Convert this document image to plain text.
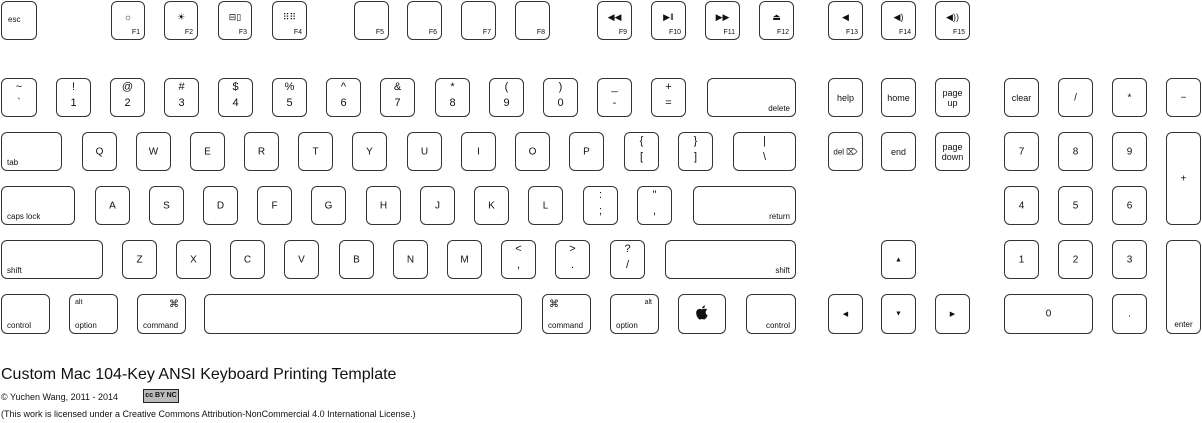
esc	☼
F1
☀
F2
⊟▯
F3
⠿⠿
F4	F5	F6	F7	F8
◀◀
F9
▶‖
F10
▶▶
F11
⏏
F12
◀
F13
◀)
F14
◀))
F15
~
`
!
1
@
2
#
3
$
4
%
5
^
6
&
7
*
8
(
9
)
0
_
-
+
=	delete
help	home	page
up	clear	/	*	−
tab
Q	W	E	R	T	Y	U	I	O	P
{
[
}
]
|
\	del ⌦	end	page
down	7	8	9
+
caps lock
A	S	D	F	G	H	J	K	L
:
;
"
,	return
4	5	6
shift
Z	X	C	V	B	N	M
<
,
>
.
?
/	shift
▲	1	2	3
enter
control
alt
option
⌘
command
⌘
command
alt
option	control
◀	▼	▶	0	.
Custom Mac 104-Key ANSI Keyboard Printing Template
© Yuchen Wang, 2011 - 2014	cc BY NC
(This work is licensed under a Creative Commons Attribution-NonCommercial 4.0 International License.)
